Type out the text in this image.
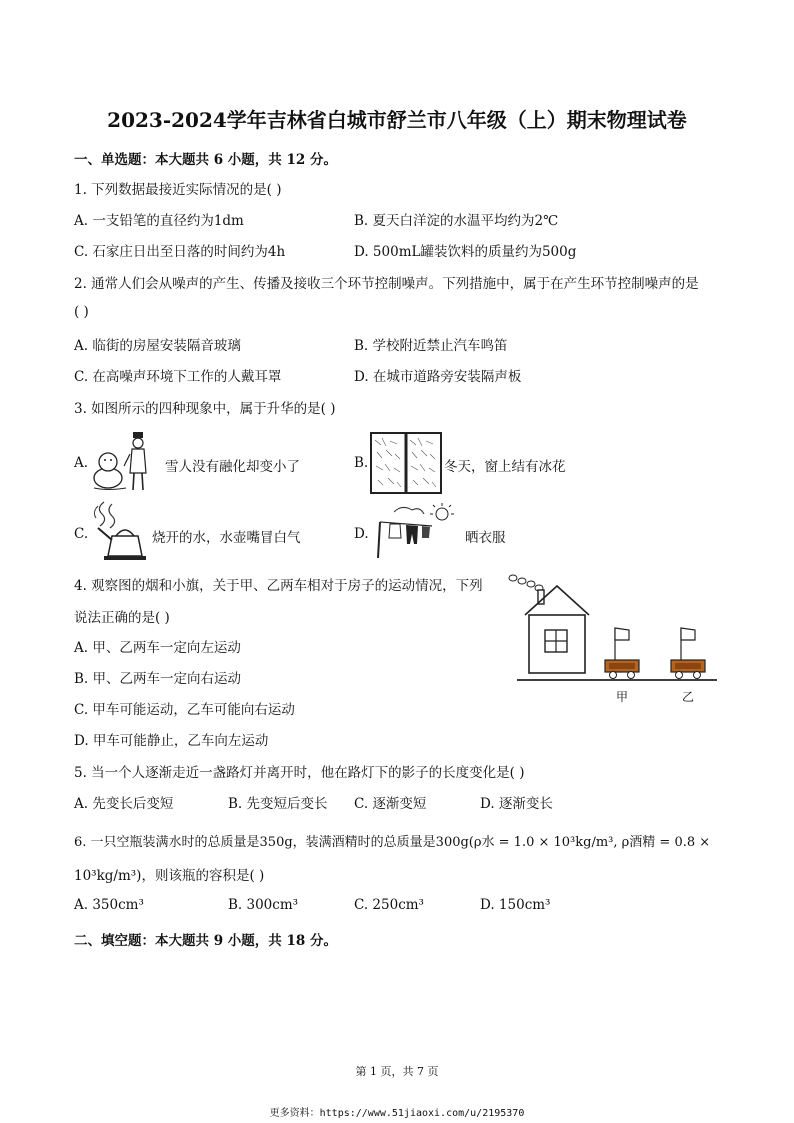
2023-2024学年吉林省白城市舒兰市八年级（上）期末物理试卷
一、单选题：本大题共 6 小题，共 12 分。
1. 下列数据最接近实际情况的是( )
A. 一支铅笔的直径约为1dm	B. 夏天白洋淀的水温平均约为2℃
C. 石家庄日出至日落的时间约为4h	D. 500mL罐装饮料的质量约为500g
2. 通常人们会从噪声的产生、传播及接收三个环节控制噪声。下列措施中，属于在产生环节控制噪声的是
( )
A. 临街的房屋安装隔音玻璃	B. 学校附近禁止汽车鸣笛
C. 在高噪声环境下工作的人戴耳罩	D. 在城市道路旁安装隔声板
3. 如图所示的四种现象中，属于升华的是( )
A.	雪人没有融化却变小了	B.	冬天，窗上结有冰花
C.	烧开的水，水壶嘴冒白气	D.	晒衣服
4. 观察图的烟和小旗，关于甲、乙两车相对于房子的运动情况，下列
说法正确的是( )
A. 甲、乙两车一定向左运动
B. 甲、乙两车一定向右运动
C. 甲车可能运动，乙车可能向右运动
D. 甲车可能静止，乙车向左运动
甲	乙
5. 当一个人逐渐走近一盏路灯并离开时，他在路灯下的影子的长度变化是( )
A. 先变长后变短	B. 先变短后变长 C. 逐渐变短	D. 逐渐变长
6. 一只空瓶装满水时的总质量是350g，装满酒精时的总质量是300g(ρ水 = 1.0 × 10³kg/m³, ρ酒精 = 0.8 ×
10³kg/m³)，则该瓶的容积是( )
A. 350cm³	B. 300cm³	C. 250cm³	D. 150cm³
二、填空题：本大题共 9 小题，共 18 分。
第 1 页，共 7 页
更多资料：https://www.51jiaoxi.com/u/2195370
